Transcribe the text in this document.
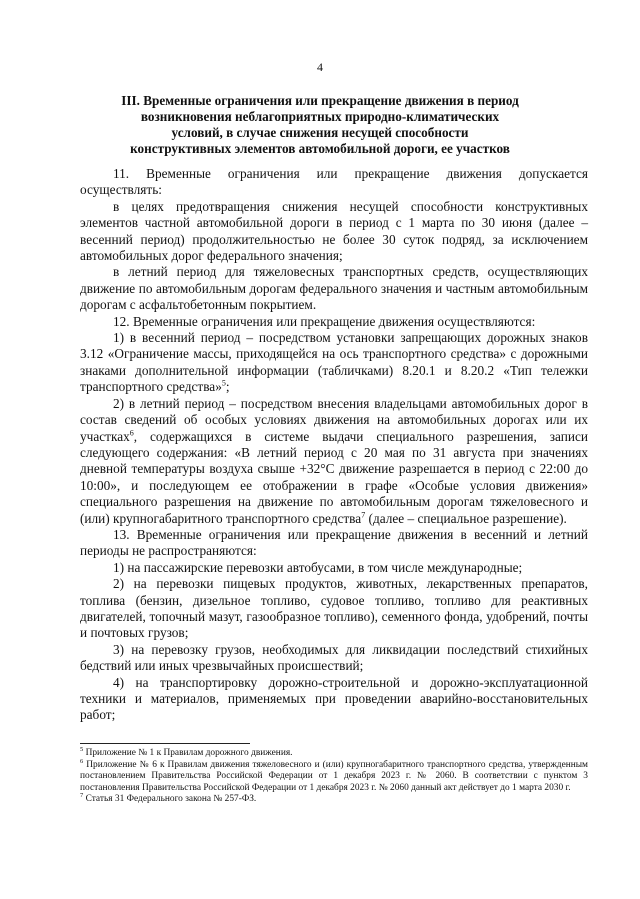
4
III. Временные ограничения или прекращение движения в период
возникновения неблагоприятных природно-климатических
условий, в случае снижения несущей способности
конструктивных элементов автомобильной дороги, ее участков

11. Временные ограничения или прекращение движения допускается осуществлять:

в целях предотвращения снижения несущей способности конструктивных элементов частной автомобильной дороги в период с 1 марта по 30 июня (далее – весенний период) продолжительностью не более 30 суток подряд, за исключением автомобильных дорог федерального значения;

в летний период для тяжеловесных транспортных средств, осуществляющих движение по автомобильным дорогам федерального значения и частным автомобильным дорогам с асфальтобетонным покрытием.

12. Временные ограничения или прекращение движения осуществляются:

1) в весенний период – посредством установки запрещающих дорожных знаков 3.12 «Ограничение массы, приходящейся на ось транспортного средства» с дорожными знаками дополнительной информации (табличками) 8.20.1 и 8.20.2 «Тип тележки транспортного средства»$^5$;

2) в летний период – посредством внесения владельцами автомобильных дорог в состав сведений об особых условиях движения на автомобильных дорогах или их участках$^6$, содержащихся в системе выдачи специального разрешения, записи следующего содержания: «В летний период с 20 мая по 31 августа при значениях дневной температуры воздуха свыше +32°С движение разрешается в период с 22:00 до 10:00», и последующем ее отображении в графе «Особые условия движения» специального разрешения на движение по автомобильным дорогам тяжеловесного и (или) крупногабаритного транспортного средства$^7$ (далее – специальное разрешение).

13. Временные ограничения или прекращение движения в весенний и летний периоды не распространяются:

1) на пассажирские перевозки автобусами, в том числе международные;

2) на перевозки пищевых продуктов, животных, лекарственных препаратов, топлива (бензин, дизельное топливо, судовое топливо, топливо для реактивных двигателей, топочный мазут, газообразное топливо), семенного фонда, удобрений, почты и почтовых грузов;

3) на перевозку грузов, необходимых для ликвидации последствий стихийных бедствий или иных чрезвычайных происшествий;

4) на транспортировку дорожно-строительной и дорожно-эксплуатационной техники и материалов, применяемых при проведении аварийно-восстановительных работ;

$^5$ Приложение № 1 к Правилам дорожного движения.

$^6$ Приложение № 6 к Правилам движения тяжеловесного и (или) крупногабаритного транспортного средства, утвержденным постановлением Правительства Российской Федерации от 1 декабря 2023 г. № 2060. В соответствии с пунктом 3 постановления Правительства Российской Федерации от 1 декабря 2023 г. № 2060 данный акт действует до 1 марта 2030 г.

$^7$ Статья 31 Федерального закона № 257-ФЗ.
